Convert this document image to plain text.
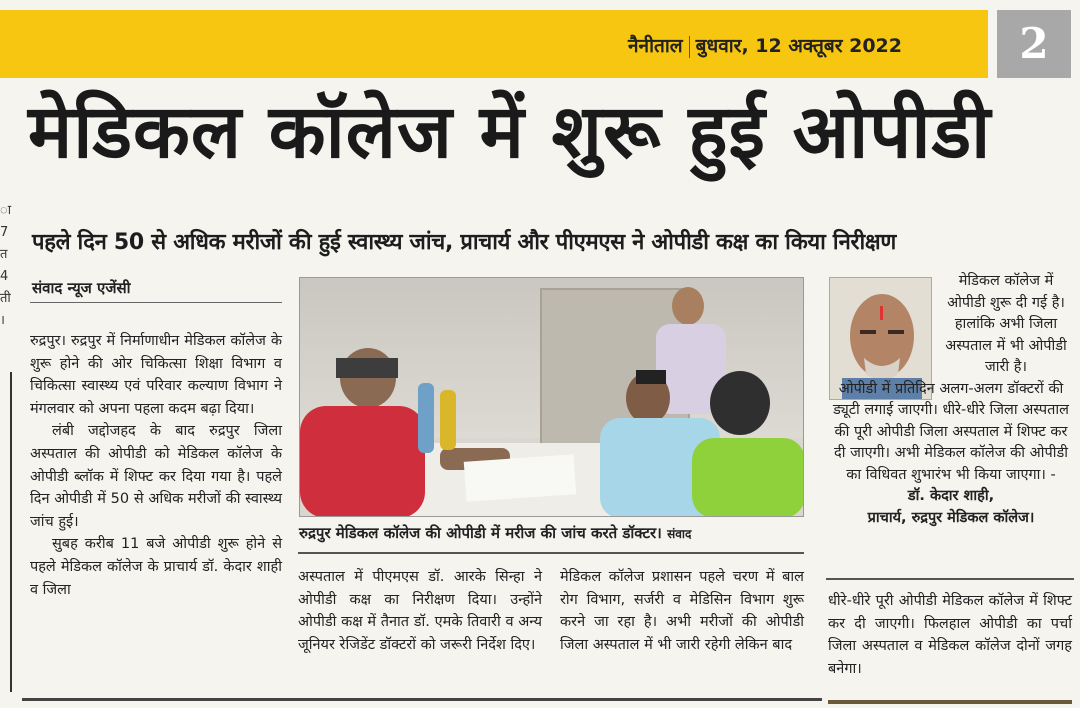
नैनीताल बुधवार, 12 अक्तूबर 2022	2
ा
7
त
4
ती
।
मेडिकल कॉलेज में शुरू हुई ओपीडी
पहले दिन 50 से अधिक मरीजों की हुई स्वास्थ्य जांच, प्राचार्य और पीएमएस ने ओपीडी कक्ष का किया निरीक्षण
संवाद न्यूज एजेंसी

रुद्रपुर। रुद्रपुर में निर्माणाधीन मेडिकल कॉलेज के शुरू होने की ओर चिकित्सा शिक्षा विभाग व चिकित्सा स्वास्थ्य एवं परिवार कल्याण विभाग ने मंगलवार को अपना पहला कदम बढ़ा दिया।

लंबी जद्दोजहद के बाद रुद्रपुर जिला अस्पताल की ओपीडी को मेडिकल कॉलेज के ओपीडी ब्लॉक में शिफ्ट कर दिया गया है। पहले दिन ओपीडी में 50 से अधिक मरीजों की स्वास्थ्य जांच हुई।

सुबह करीब 11 बजे ओपीडी शुरू होने से पहले मेडिकल कॉलेज के प्राचार्य डॉ. केदार शाही व जिला

रुद्रपुर मेडिकल कॉलेज की ओपीडी में मरीज की जांच करते डॉक्टर। संवाद
अस्पताल में पीएमएस डॉ. आरके सिन्हा ने ओपीडी कक्ष का निरीक्षण दिया। उन्होंने ओपीडी कक्ष में तैनात डॉ. एमके तिवारी व अन्य जूनियर रेजिडेंट डॉक्टरों को जरूरी निर्देश दिए।
मेडिकल कॉलेज प्रशासन पहले चरण में बाल रोग विभाग, सर्जरी व मेडिसिन विभाग शुरू करने जा रहा है। अभी मरीजों की ओपीडी जिला अस्पताल में भी जारी रहेगी लेकिन बाद
मेडिकल कॉलेज में ओपीडी शुरू दी गई है। हालांकि अभी जिला अस्पताल में भी ओपीडी जारी है।
ओपीडी में प्रतिदिन अलग-अलग डॉक्टरों की ड्यूटी लगाई जाएगी। धीरे-धीरे जिला अस्पताल की पूरी ओपीडी जिला अस्पताल में शिफ्ट कर दी जाएगी। अभी मेडिकल कॉलेज की ओपीडी का विधिवत शुभारंभ भी किया जाएगा। -
डॉ. केदार शाही,
प्राचार्य, रुद्रपुर मेडिकल कॉलेज।
धीरे-धीरे पूरी ओपीडी मेडिकल कॉलेज में शिफ्ट कर दी जाएगी। फिलहाल ओपीडी का पर्चा जिला अस्पताल व मेडिकल कॉलेज दोनों जगह बनेगा।
